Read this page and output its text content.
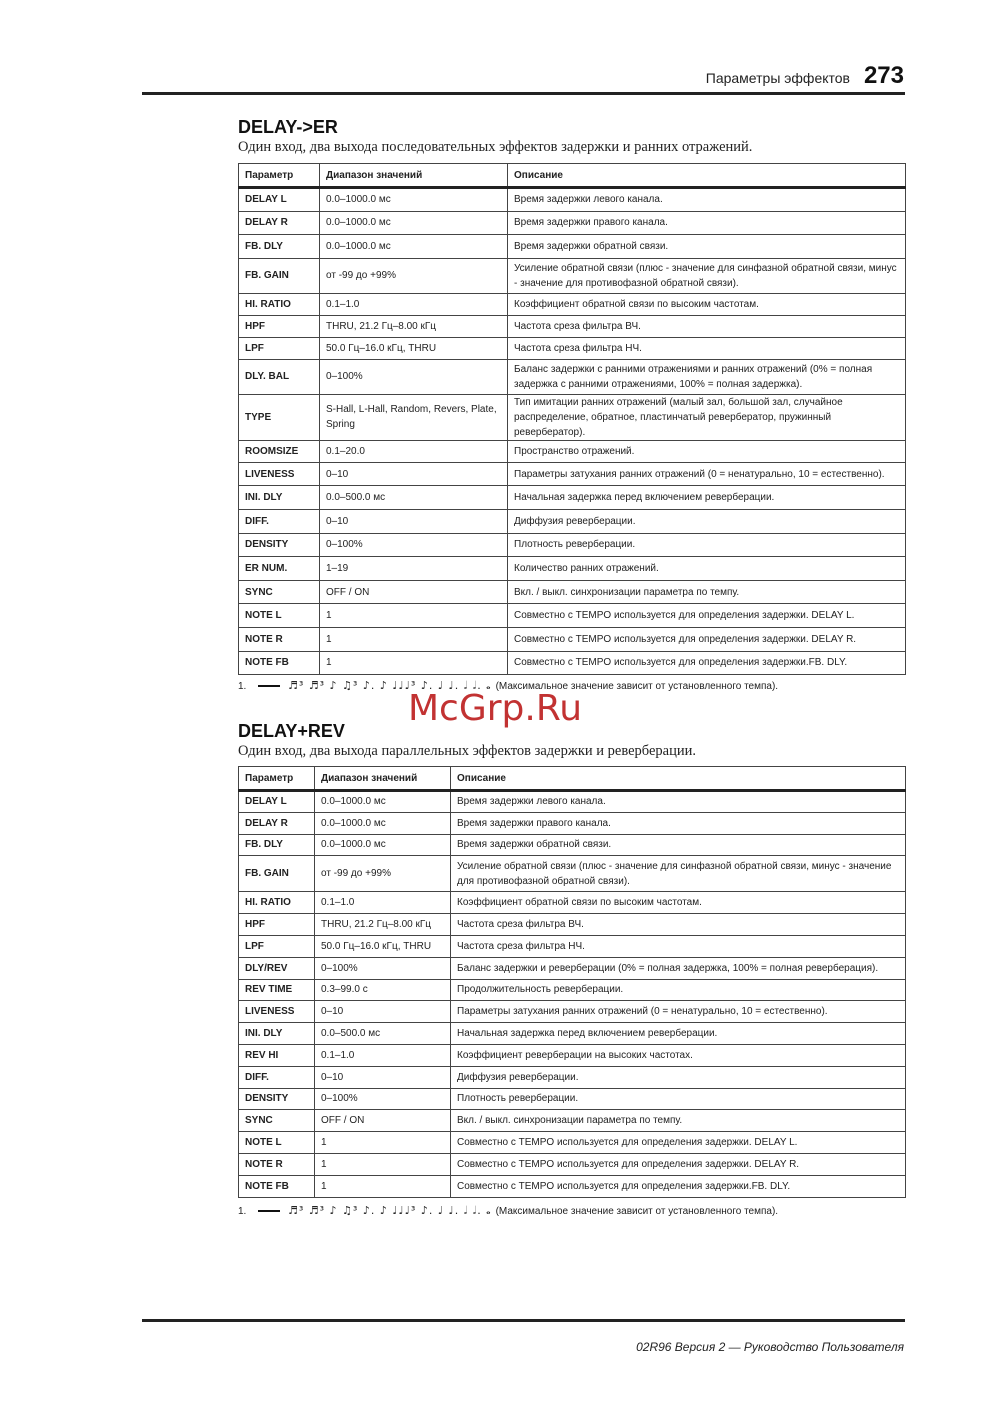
Параметры эффектов 273
DELAY->ER
Один вход, два выхода последовательных эффектов задержки и ранних отражений.
Параметр	Диапазон значений	Описание
DELAY L	0.0–1000.0 мс	Время задержки левого канала.
DELAY R	0.0–1000.0 мс	Время задержки правого канала.
FB. DLY	0.0–1000.0 мс	Время задержки обратной связи.
FB. GAIN	от -99 до +99%	Усиление обратной связи (плюс - значение для синфазной обратной связи, минус - значение для противофазной обратной связи).
HI. RATIO	0.1–1.0	Коэффициент обратной связи по высоким частотам.
HPF	THRU, 21.2 Гц–8.00 кГц	Частота среза фильтра ВЧ.
LPF	50.0 Гц–16.0 кГц, THRU	Частота среза фильтра НЧ.
DLY. BAL	0–100%	Баланс задержки с ранними отражениями и ранних отражений (0% = полная задержка с ранними отражениями, 100% = полная задержка).
TYPE	S-Hall, L-Hall, Random, Revers, Plate, Spring	Тип имитации ранних отражений (малый зал, большой зал, случайное распределение, обратное, пластинчатый ревербератор, пружинный ревербератор).
ROOMSIZE	0.1–20.0	Пространство отражений.
LIVENESS	0–10	Параметры затухания ранних отражений (0 = ненатурально, 10 = естественно).
INI. DLY	0.0–500.0 мс	Начальная задержка перед включением реверберации.
DIFF.	0–10	Диффузия реверберации.
DENSITY	0–100%	Плотность реверберации.
ER NUM.	1–19	Количество ранних отражений.
SYNC	OFF / ON	Вкл. / выкл. синхронизации параметра по темпу.
NOTE L	1	Совместно с TEMPO используется для определения задержки. DELAY L.
NOTE R	1	Совместно с TEMPO используется для определения задержки. DELAY R.
NOTE FB	1	Совместно с TEMPO используется для определения задержки.FB. DLY.
1.	♬³ ♬³ ♪ ♫³ ♪. ♪ ♩♩♩³ ♪. ♩ ♩. 𝅗𝅥 𝅗𝅥. 𝅝 (Максимальное значение зависит от установленного темпа).
McGrp.Ru
DELAY+REV
Один вход, два выхода параллельных эффектов задержки и реверберации.
Параметр	Диапазон значений	Описание
DELAY L	0.0–1000.0 мс	Время задержки левого канала.
DELAY R	0.0–1000.0 мс	Время задержки правого канала.
FB. DLY	0.0–1000.0 мс	Время задержки обратной связи.
FB. GAIN	от -99 до +99%	Усиление обратной связи (плюс - значение для синфазной обратной связи, минус - значение для противофазной обратной связи).
HI. RATIO	0.1–1.0	Коэффициент обратной связи по высоким частотам.
HPF	THRU, 21.2 Гц–8.00 кГц	Частота среза фильтра ВЧ.
LPF	50.0 Гц–16.0 кГц, THRU	Частота среза фильтра НЧ.
DLY/REV	0–100%	Баланс задержки и реверберации (0% = полная задержка, 100% = полная реверберация).
REV TIME	0.3–99.0 с	Продолжительность реверберации.
LIVENESS	0–10	Параметры затухания ранних отражений (0 = ненатурально, 10 = естественно).
INI. DLY	0.0–500.0 мс	Начальная задержка перед включением реверберации.
REV HI	0.1–1.0	Коэффициент реверберации на высоких частотах.
DIFF.	0–10	Диффузия реверберации.
DENSITY	0–100%	Плотность реверберации.
SYNC	OFF / ON	Вкл. / выкл. синхронизации параметра по темпу.
NOTE L	1	Совместно с TEMPO используется для определения задержки. DELAY L.
NOTE R	1	Совместно с TEMPO используется для определения задержки. DELAY R.
NOTE FB	1	Совместно с TEMPO используется для определения задержки.FB. DLY.
1.	♬³ ♬³ ♪ ♫³ ♪. ♪ ♩♩♩³ ♪. ♩ ♩. 𝅗𝅥 𝅗𝅥. 𝅝 (Максимальное значение зависит от установленного темпа).
02R96 Версия 2 — Руководство Пользователя
